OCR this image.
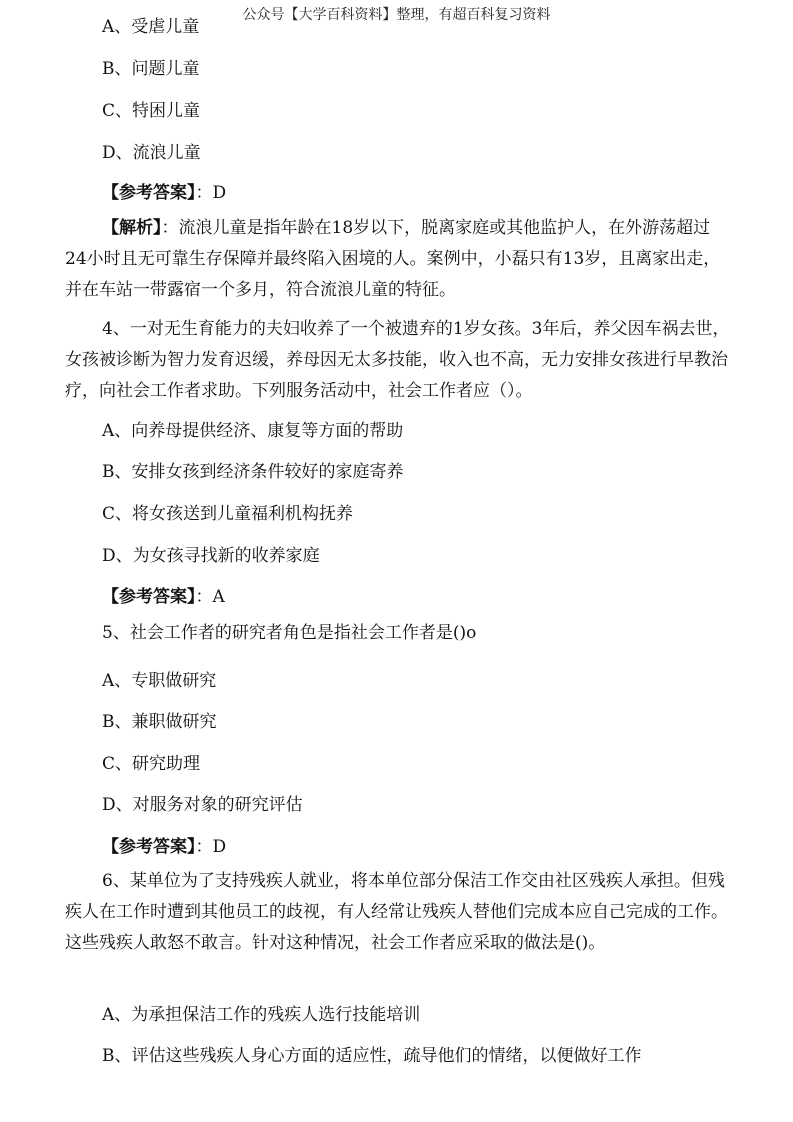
公众号【大学百科资料】整理，有超百科复习资料
A、受虐儿童
B、问题儿童
C、特困儿童
D、流浪儿童
【参考答案】：D
【解析】：流浪儿童是指年龄在18岁以下，脱离家庭或其他监护人，在外游荡超过24小时且无可靠生存保障并最终陷入困境的人。案例中，小磊只有13岁，且离家出走，并在车站一带露宿一个多月，符合流浪儿童的特征。
4、一对无生育能力的夫妇收养了一个被遗弃的1岁女孩。3年后，养父因车祸去世，女孩被诊断为智力发育迟缓，养母因无太多技能，收入也不高，无力安排女孩进行早教治疗，向社会工作者求助。下列服务活动中，社会工作者应（）。
A、向养母提供经济、康复等方面的帮助
B、安排女孩到经济条件较好的家庭寄养
C、将女孩送到儿童福利机构抚养
D、为女孩寻找新的收养家庭
【参考答案】：A
5、社会工作者的研究者角色是指社会工作者是()o
A、专职做研究
B、兼职做研究
C、研究助理
D、对服务对象的研究评估
【参考答案】：D
6、某单位为了支持残疾人就业，将本单位部分保洁工作交由社区残疾人承担。但残疾人在工作时遭到其他员工的歧视，有人经常让残疾人替他们完成本应自己完成的工作。这些残疾人敢怒不敢言。针对这种情况，社会工作者应采取的做法是()。
A、为承担保洁工作的残疾人选行技能培训
B、评估这些残疾人身心方面的适应性，疏导他们的情绪，以便做好工作
